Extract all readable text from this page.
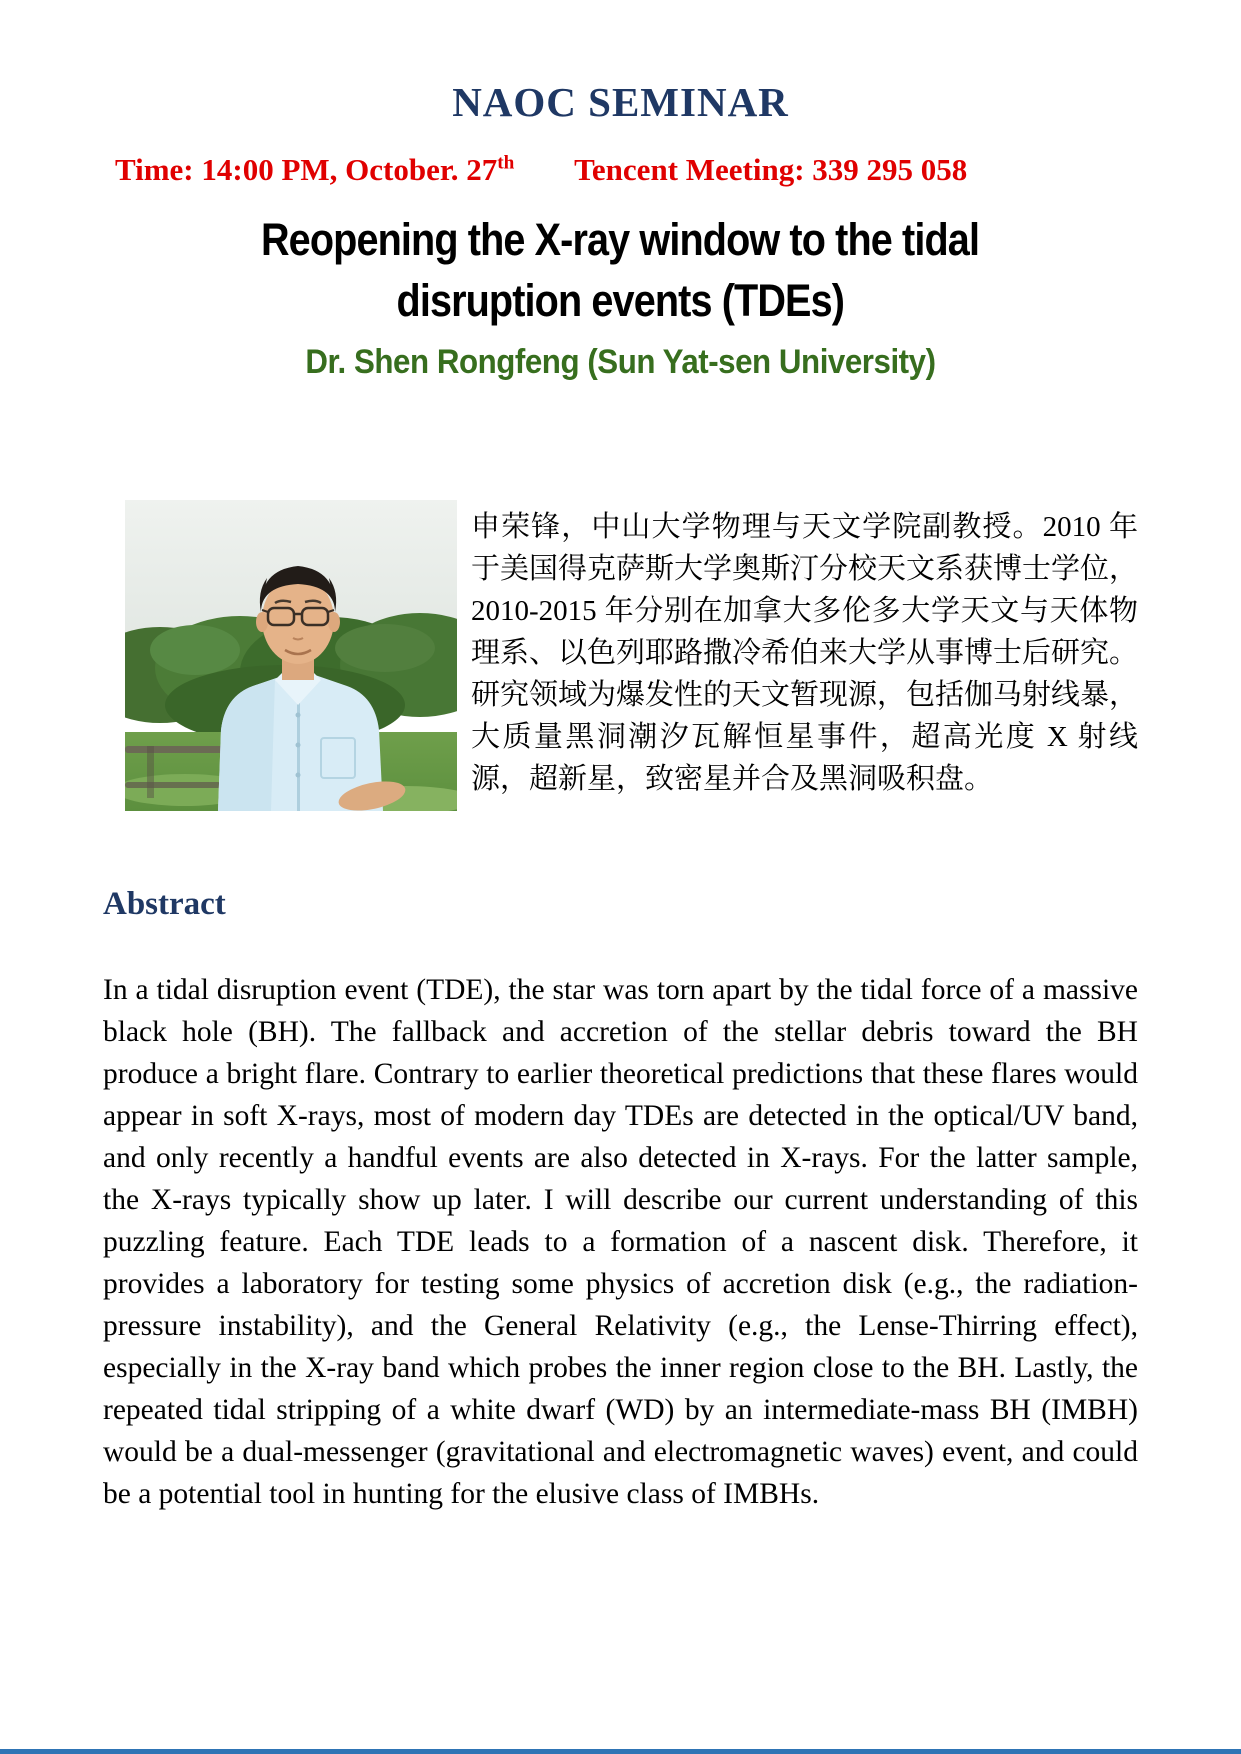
NAOC SEMINAR
Time: 14:00 PM, October. 27th Tencent Meeting: 339 295 058
Reopening the X-ray window to the tidal
disruption events (TDEs)
Dr. Shen Rongfeng (Sun Yat-sen University)

申荣锋，中山大学物理与天文学院副教授。2010 年于美国得克萨斯大学奥斯汀分校天文系获博士学位，2010-2015 年分别在加拿大多伦多大学天文与天体物理系、以色列耶路撒冷希伯来大学从事博士后研究。研究领域为爆发性的天文暂现源，包括伽马射线暴，大质量黑洞潮汐瓦解恒星事件，超高光度 X 射线源，超新星，致密星并合及黑洞吸积盘。

Abstract

In a tidal disruption event (TDE), the star was torn apart by the tidal force of a massive black hole (BH). The fallback and accretion of the stellar debris toward the BH produce a bright flare. Contrary to earlier theoretical predictions that these flares would appear in soft X-rays, most of modern day TDEs are detected in the optical/UV band, and only recently a handful events are also detected in X-rays. For the latter sample, the X-rays typically show up later. I will describe our current understanding of this puzzling feature. Each TDE leads to a formation of a nascent disk. Therefore, it provides a laboratory for testing some physics of accretion disk (e.g., the radiation-pressure instability), and the General Relativity (e.g., the Lense-Thirring effect), especially in the X-ray band which probes the inner region close to the BH. Lastly, the repeated tidal stripping of a white dwarf (WD) by an intermediate-mass BH (IMBH) would be a dual-messenger (gravitational and electromagnetic waves) event, and could be a potential tool in hunting for the elusive class of IMBHs.
